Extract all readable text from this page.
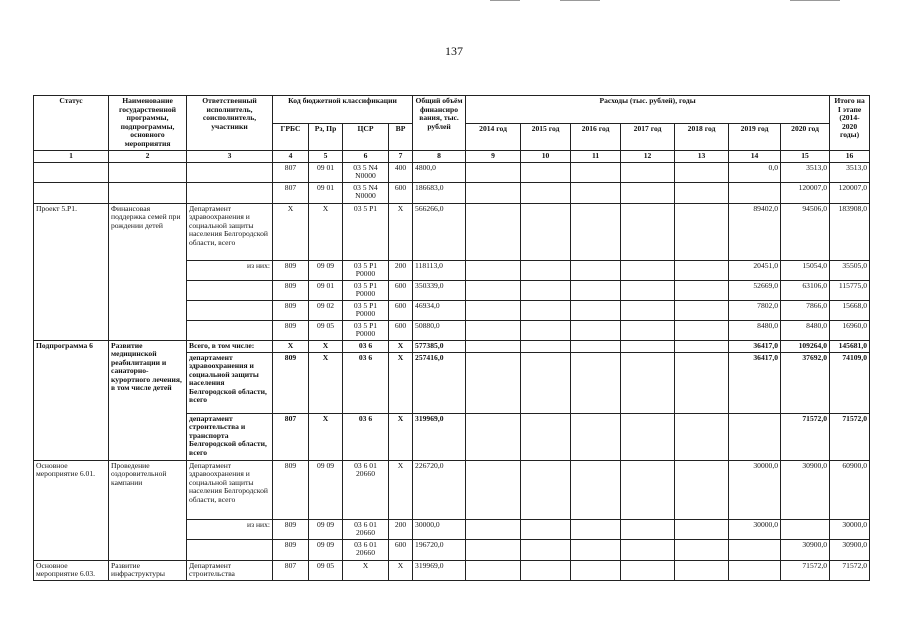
137
Статус	Наименование государственной программы, подпрограммы, основного мероприятия	Ответственный исполнитель, соисполнитель, участники	Код бюджетной классификации				Общий объём финансиро вания, тыс. рублей	Расходы (тыс. рублей), годы							Итого на I этапе (2014-2020 годы)
			ГРБС	Рз, Пр	ЦСР	ВР		2014 год	2015 год	2016 год	2017 год	2018 год	2019 год	2020 год	
1	2	3	4	5	6	7	8	9	10	11	12	13	14	15	16
			807	09 01	03 5 N4 N0000	400	4800,0						0,0	3513,0	3513,0
			807	09 01	03 5 N4 N0000	600	186683,0							120007,0	120007,0
Проект 5.Р1.	Финансовая поддержка семей при рождении детей	Департамент здравоохранения и социальной защиты населения Белгородской области, всего	Х	Х	03 5 Р1	Х	566266,0						89402,0	94506,0	183908,0
		из них:	809	09 09	03 5 Р1 Р0000	200	118113,0						20451,0	15054,0	35505,0
			809	09 01	03 5 Р1 Р0000	600	350339,0						52669,0	63106,0	115775,0
			809	09 02	03 5 Р1 Р0000	600	46934,0						7802,0	7866,0	15668,0
			809	09 05	03 5 Р1 Р0000	600	50880,0						8480,0	8480,0	16960,0
Подпрограмма 6	Развитие медицинской реабилитации и санаторно-курортного лечения, в том числе детей	Всего, в том числе:	Х	Х	03 6	Х	577385,0						36417,0	109264,0	145681,0
		департамент здравоохранения и социальной защиты населения Белгородской области, всего	809	Х	03 6	Х	257416,0						36417,0	37692,0	74109,0
		департамент строительства и транспорта Белгородской области, всего	807	Х	03 6	Х	319969,0							71572,0	71572,0
Основное мероприятие 6.01.	Проведение оздоровительной кампании	Департамент здравоохранения и социальной защиты населения Белгородской области, всего	809	09 09	03 6 01 20660	Х	226720,0						30000,0	30900,0	60900,0
		из них:	809	09 09	03 6 01 20660	200	30000,0						30000,0		30000,0
			809	09 09	03 6 01 20660	600	196720,0							30900,0	30900,0
Основное мероприятие 6.03.	Развитие инфраструктуры	Департамент строительства	807	09 05	Х	Х	319969,0							71572,0	71572,0
